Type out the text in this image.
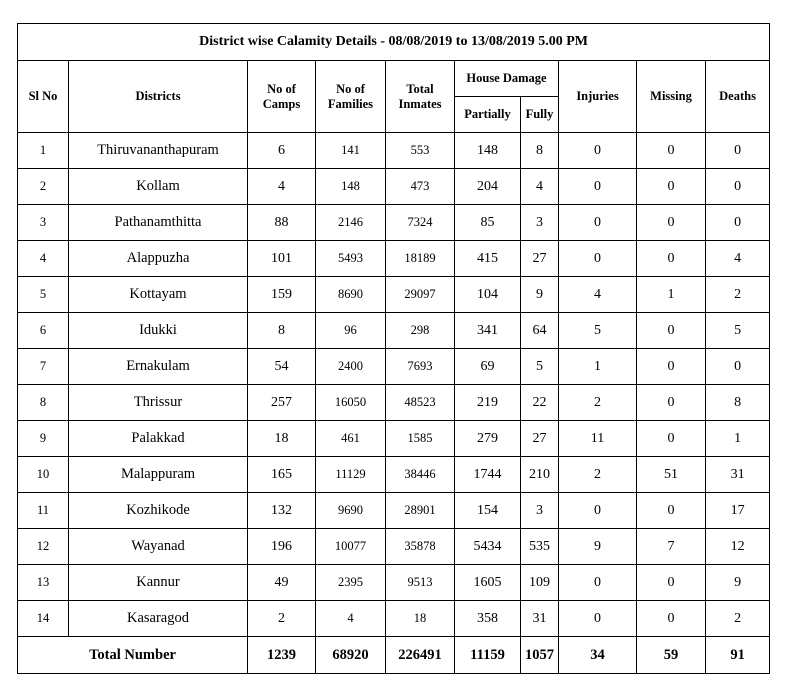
District wise Calamity Details - 08/08/2019 to 13/08/2019 5.00 PM									
Sl No	Districts	No of Camps	No of Families	Total Inmates	House Damage		Injuries	Missing	Deaths
					Partially	Fully			
1	Thiruvananthapuram	6	141	553	148	8	0	0	0
2	Kollam	4	148	473	204	4	0	0	0
3	Pathanamthitta	88	2146	7324	85	3	0	0	0
4	Alappuzha	101	5493	18189	415	27	0	0	4
5	Kottayam	159	8690	29097	104	9	4	1	2
6	Idukki	8	96	298	341	64	5	0	5
7	Ernakulam	54	2400	7693	69	5	1	0	0
8	Thrissur	257	16050	48523	219	22	2	0	8
9	Palakkad	18	461	1585	279	27	11	0	1
10	Malappuram	165	11129	38446	1744	210	2	51	31
11	Kozhikode	132	9690	28901	154	3	0	0	17
12	Wayanad	196	10077	35878	5434	535	9	7	12
13	Kannur	49	2395	9513	1605	109	0	0	9
14	Kasaragod	2	4	18	358	31	0	0	2
Total Number		1239	68920	226491	11159	1057	34	59	91
